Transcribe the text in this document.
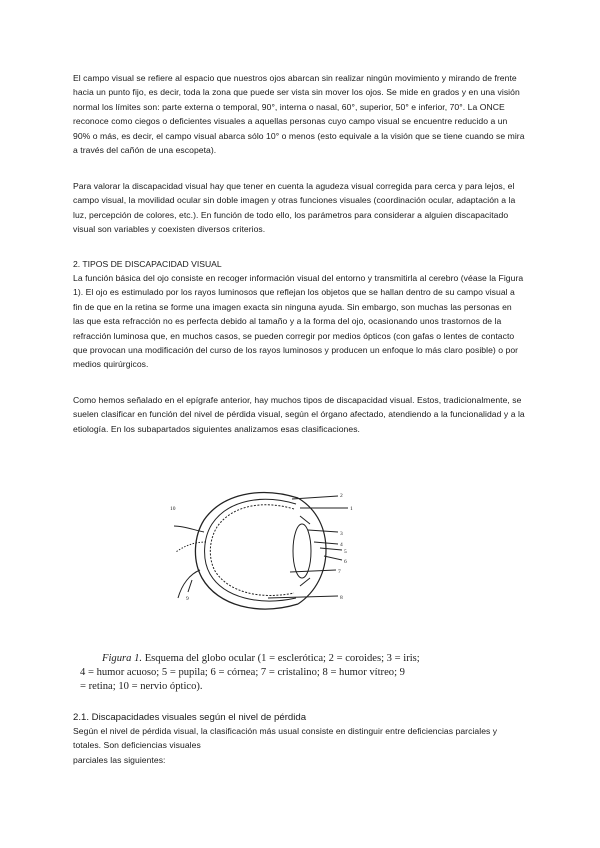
El campo visual se refiere al espacio que nuestros ojos abarcan sin realizar ningún movimiento y mirando de frente hacia un punto fijo, es decir, toda la zona que puede ser vista sin mover los ojos. Se mide en grados y en una visión normal los límites son: parte externa o temporal, 90°, interna o nasal, 60°, superior, 50° e inferior, 70°. La ONCE reconoce como ciegos o deficientes visuales a aquellas personas cuyo campo visual se encuentre reducido a un 90% o más, es decir, el campo visual abarca sólo 10° o menos (esto equivale a la visión que se tiene cuando se mira a través del cañón de una escopeta).

Para valorar la discapacidad visual hay que tener en cuenta la agudeza visual corregida para cerca y para lejos, el campo visual, la movilidad ocular sin doble imagen y otras funciones visuales (coordinación ocular, adaptación a la luz, percepción de colores, etc.). En función de todo ello, los parámetros para considerar a alguien discapacitado visual son variables y coexisten diversos criterios.

2. TIPOS DE DISCAPACIDAD VISUAL

La función básica del ojo consiste en recoger información visual del entorno y transmitirla al cerebro (véase la Figura 1). El ojo es estimulado por los rayos luminosos que reflejan los objetos que se hallan dentro de su campo visual a fin de que en la retina se forme una imagen exacta sin ninguna ayuda. Sin embargo, son muchas las personas en las que esta refracción no es perfecta debido al tamaño y a la forma del ojo, ocasionando unos trastornos de la refracción luminosa que, en muchos casos, se pueden corregir por medios ópticos (con gafas o lentes de contacto que provocan una modificación del curso de los rayos luminosos y producen un enfoque lo más claro posible) o por medios quirúrgicos.

Como hemos señalado en el epígrafe anterior, hay muchos tipos de discapacidad visual. Estos, tradicionalmente, se suelen clasificar en función del nivel de pérdida visual, según el órgano afectado, atendiendo a la funcionalidad y a la etiología. En los subapartados siguientes analizamos esas clasificaciones.

10
2
1
3
4
5
6
7
8
9
Figura 1. Esquema del globo ocular (1 = esclerótica; 2 = coroides; 3 = iris;
4 = humor acuoso; 5 = pupila; 6 = córnea; 7 = cristalino; 8 = humor vítreo; 9
= retina; 10 = nervio óptico).

2.1. Discapacidades visuales según el nivel de pérdida

Según el nivel de pérdida visual, la clasificación más usual consiste en distinguir entre deficiencias parciales y totales. Son deficiencias visuales

parciales las siguientes:
